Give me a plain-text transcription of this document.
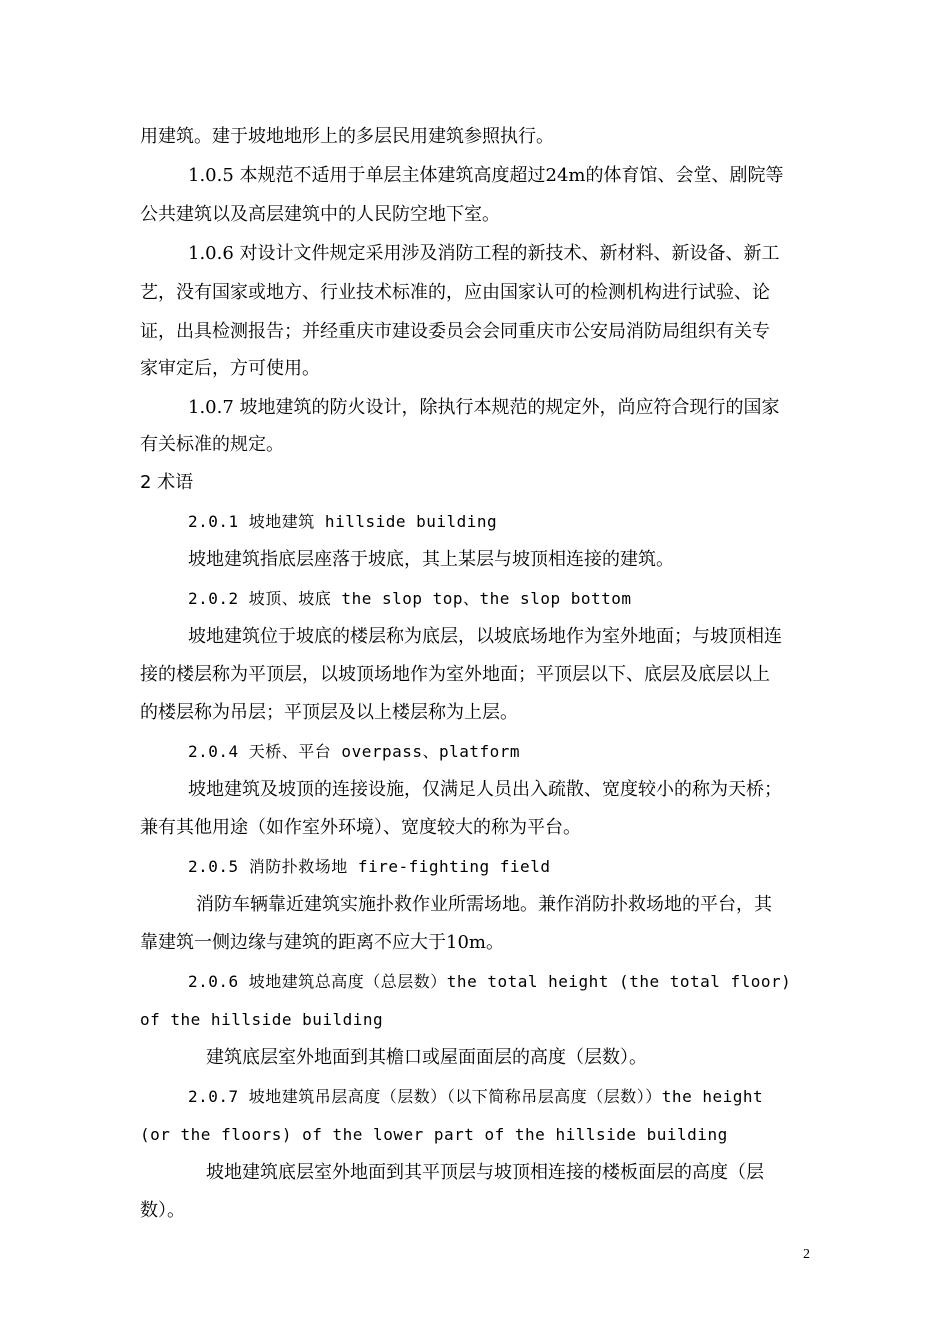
用建筑。建于坡地地形上的多层民用建筑参照执行。
1.0.5 本规范不适用于单层主体建筑高度超过24m的体育馆、会堂、剧院等
公共建筑以及高层建筑中的人民防空地下室。
1.0.6 对设计文件规定采用涉及消防工程的新技术、新材料、新设备、新工
艺，没有国家或地方、行业技术标准的，应由国家认可的检测机构进行试验、论
证，出具检测报告；并经重庆市建设委员会会同重庆市公安局消防局组织有关专
家审定后，方可使用。
1.0.7 坡地建筑的防火设计，除执行本规范的规定外，尚应符合现行的国家
有关标准的规定。
2 术语
2.0.1 坡地建筑 hillside building
坡地建筑指底层座落于坡底，其上某层与坡顶相连接的建筑。
2.0.2 坡顶、坡底 the slop top、the slop bottom
坡地建筑位于坡底的楼层称为底层，以坡底场地作为室外地面；与坡顶相连
接的楼层称为平顶层，以坡顶场地作为室外地面；平顶层以下、底层及底层以上
的楼层称为吊层；平顶层及以上楼层称为上层。
2.0.4 天桥、平台 overpass、platform
坡地建筑及坡顶的连接设施，仅满足人员出入疏散、宽度较小的称为天桥；
兼有其他用途（如作室外环境）、宽度较大的称为平台。
2.0.5 消防扑救场地 fire-fighting field
消防车辆靠近建筑实施扑救作业所需场地。兼作消防扑救场地的平台，其
靠建筑一侧边缘与建筑的距离不应大于10m。
2.0.6 坡地建筑总高度（总层数）the total height (the total floor)
of the hillside building
建筑底层室外地面到其檐口或屋面面层的高度（层数）。
2.0.7 坡地建筑吊层高度（层数）（以下简称吊层高度（层数））the height
(or the floors) of the lower part of the hillside building
坡地建筑底层室外地面到其平顶层与坡顶相连接的楼板面层的高度（层
数）。
2
